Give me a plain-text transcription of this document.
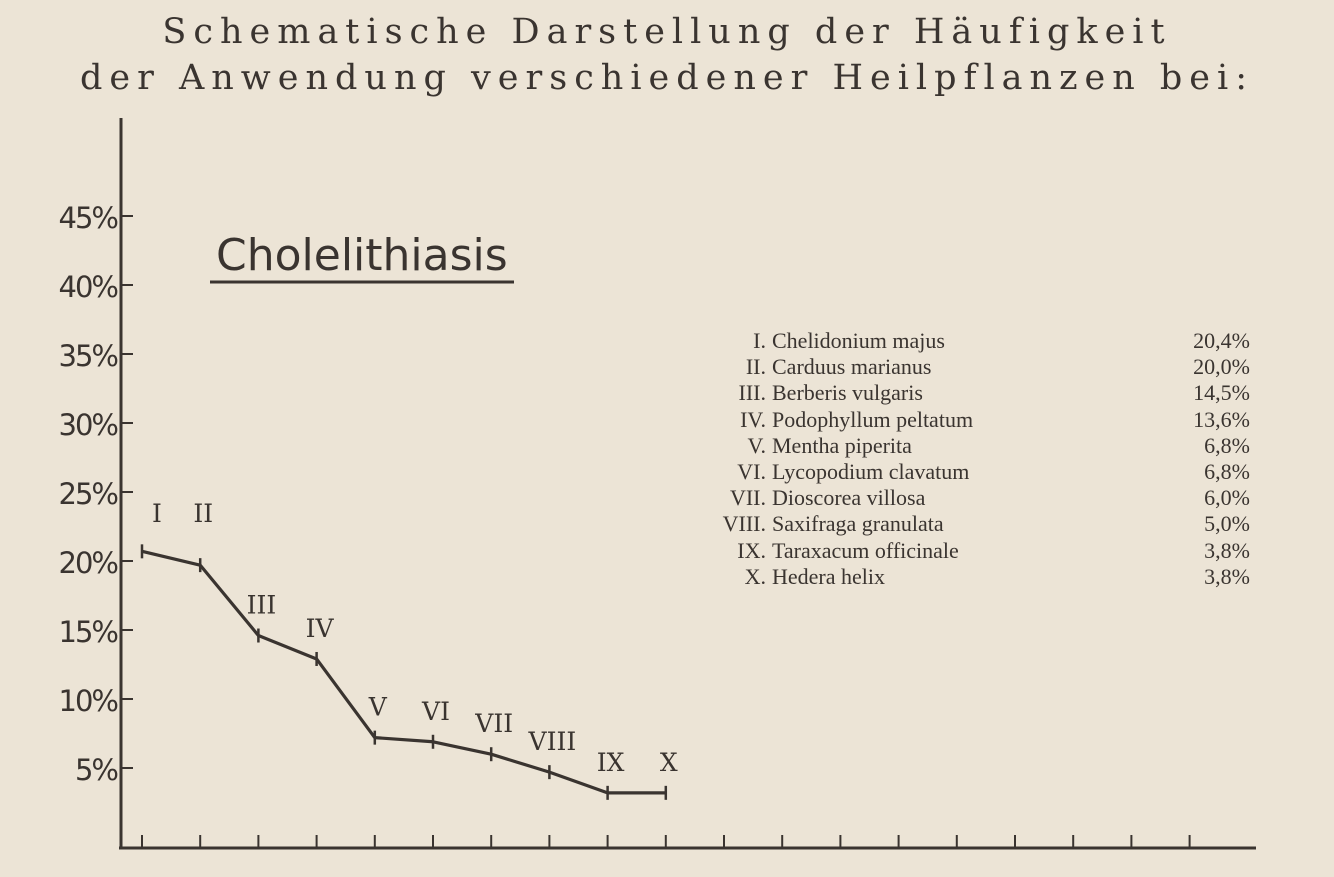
Schematische Darstellung der Häufigkeit
der Anwendung verschiedener Heilpflanzen bei:
5%
10%
15%
20%
25%
30%
35%
40%
45%
Cholelithiasis
I II
III
IV
V VI VII
VIII
IX X
I. Chelidonium majus	20,4%
II. Carduus marianus	20,0%
III. Berberis vulgaris	14,5%
IV. Podophyllum peltatum	13,6%
V. Mentha piperita	6,8%
VI. Lycopodium clavatum	6,8%
VII. Dioscorea villosa	6,0%
VIII. Saxifraga granulata	5,0%
IX. Taraxacum officinale	3,8%
X. Hedera helix	3,8%
